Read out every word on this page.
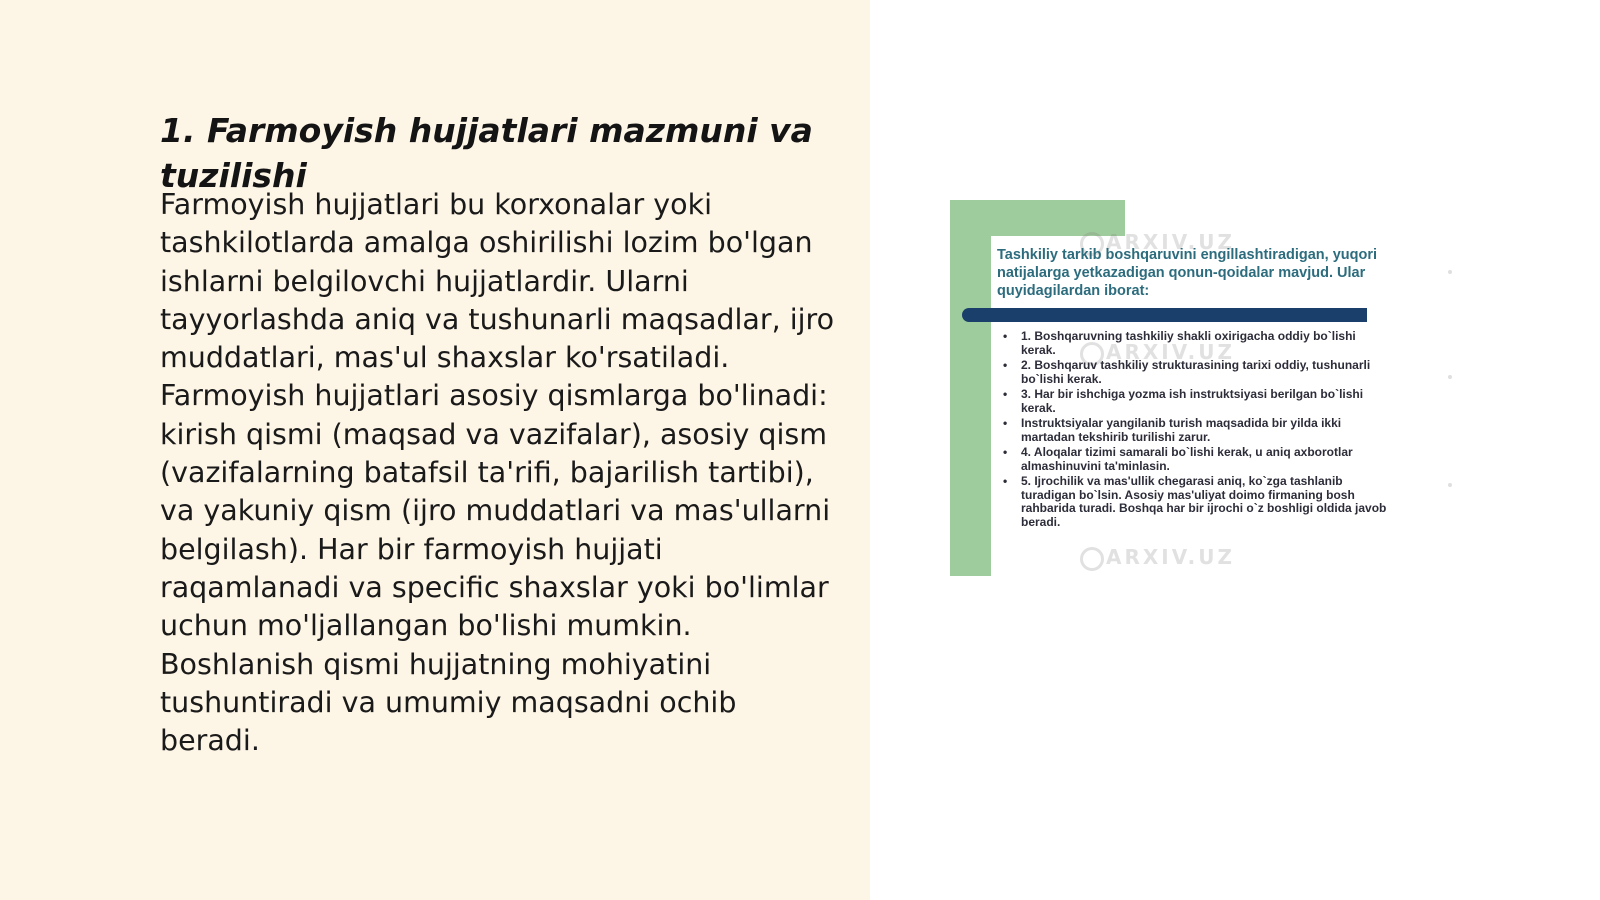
1. Farmoyish hujjatlari mazmuni va tuzilishi

Farmoyish hujjatlari bu korxonalar yoki tashkilotlarda amalga oshirilishi lozim bo'lgan ishlarni belgilovchi hujjatlardir. Ularni tayyorlashda aniq va tushunarli maqsadlar, ijro muddatlari, mas'ul shaxslar ko'rsatiladi. Farmoyish hujjatlari asosiy qismlarga bo'linadi: kirish qismi (maqsad va vazifalar), asosiy qism (vazifalarning batafsil ta'rifi, bajarilish tartibi), va yakuniy qism (ijro muddatlari va mas'ullarni belgilash). Har bir farmoyish hujjati raqamlanadi va specific shaxslar yoki bo'limlar uchun mo'ljallangan bo'lishi mumkin. Boshlanish qismi hujjatning mohiyatini tushuntiradi va umumiy maqsadni ochib beradi.

ARXIV.UZ
ARXIV.UZ
ARXIV.UZ

Tashkiliy tarkib boshqaruvini engillashtiradigan, yuqori natijalarga yetkazadigan qonun-qoidalar mavjud. Ular quyidagilardan iborat:

• 1. Boshqaruvning tashkiliy shakli oxirigacha oddiy bo`lishi kerak.
• 2. Boshqaruv tashkiliy strukturasining tarixi oddiy, tushunarli bo`lishi kerak.
• 3. Har bir ishchiga yozma ish instruktsiyasi berilgan bo`lishi kerak.
• Instruktsiyalar yangilanib turish maqsadida bir yilda ikki martadan tekshirib turilishi zarur.
• 4. Aloqalar tizimi samarali bo`lishi kerak, u aniq axborotlar almashinuvini ta'minlasin.
• 5. Ijrochilik va mas'ullik chegarasi aniq, ko`zga tashlanib turadigan bo`lsin. Asosiy mas'uliyat doimo firmaning bosh rahbarida turadi. Boshqa har bir ijrochi o`z boshligi oldida javob beradi.
